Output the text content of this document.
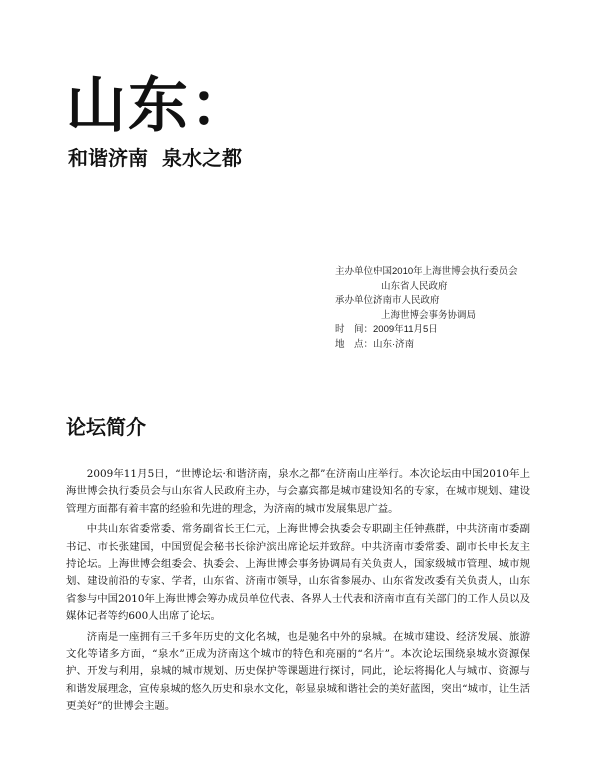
山东：
和谐济南 泉水之都
主办单位：
中国2010年上海世博会执行委员会
山东省人民政府
承办单位：
济南市人民政府
上海世博会事务协调局
时　间： 2009年11月5日
地　点： 山东·济南
论坛简介

2009年11月5日，“世博论坛·和谐济南，泉水之都”在济南山庄举行。本次论坛由中国2010年上海世博会执行委员会与山东省人民政府主办，与会嘉宾都是城市建设知名的专家，在城市规划、建设管理方面都有着丰富的经验和先进的理念，为济南的城市发展集思广益。

中共山东省委常委、常务副省长王仁元，上海世博会执委会专职副主任钟燕群，中共济南市委副书记、市长张建国，中国贸促会秘书长徐沪滨出席论坛并致辞。中共济南市委常委、副市长申长友主持论坛。上海世博会组委会、执委会、上海世博会事务协调局有关负责人，国家级城市管理、城市规划、建设前沿的专家、学者，山东省、济南市领导，山东省参展办、山东省发改委有关负责人，山东省参与中国2010年上海世博会筹办成员单位代表、各界人士代表和济南市直有关部门的工作人员以及媒体记者等约600人出席了论坛。

济南是一座拥有三千多年历史的文化名城，也是驰名中外的泉城。在城市建设、经济发展、旅游文化等诸多方面，“泉水”正成为济南这个城市的特色和亮丽的“名片”。本次论坛围绕泉城水资源保护、开发与利用，泉城的城市规划、历史保护等课题进行探讨，同此，论坛将揭化人与城市、资源与和谐发展理念，宣传泉城的悠久历史和泉水文化，彰显泉城和谐社会的美好蓝图，突出“城市，让生活更美好”的世博会主题。
